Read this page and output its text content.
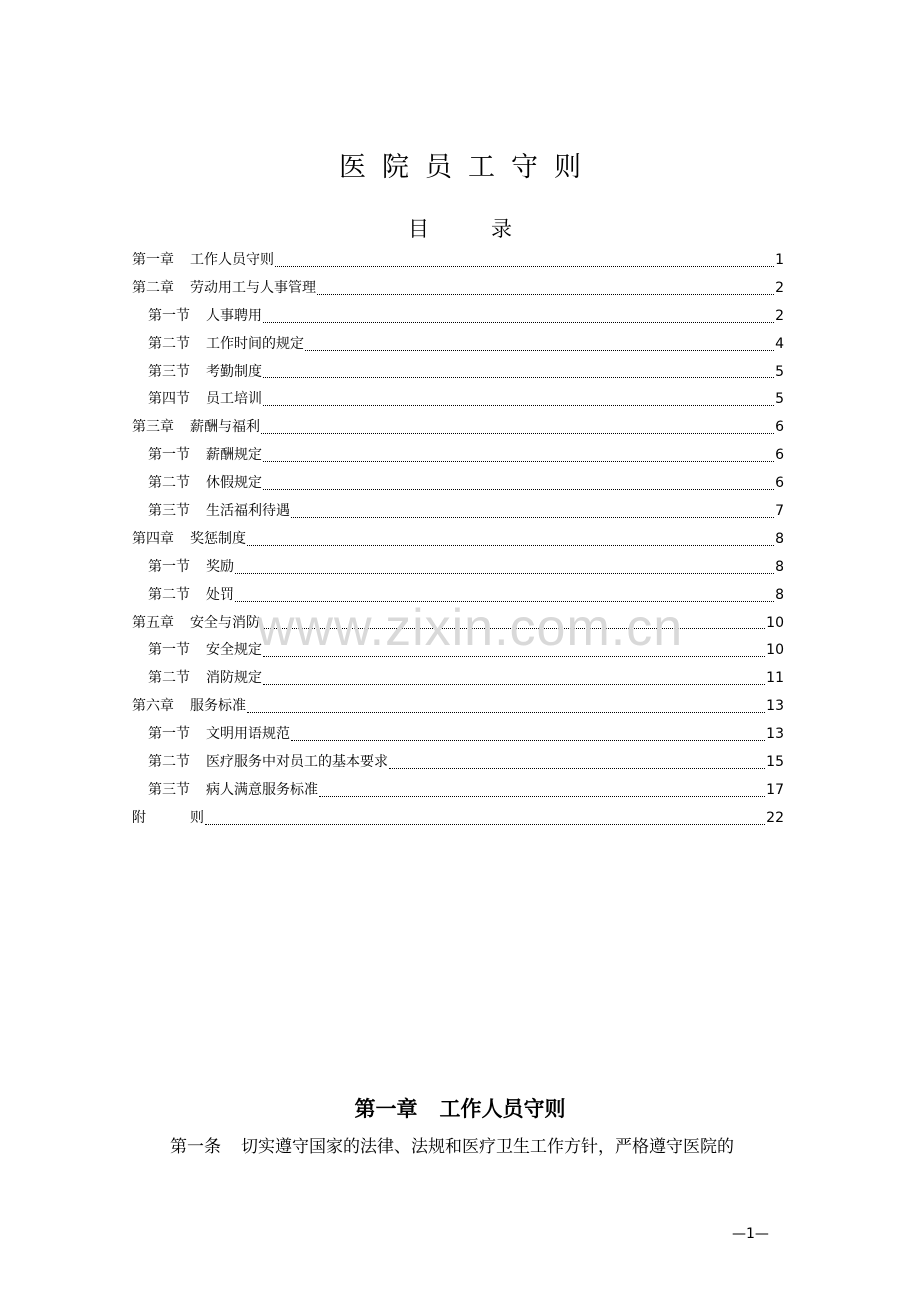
医院员工守则
目录
第一章 工作人员守则	1
第二章 劳动用工与人事管理	2
第一节 人事聘用	2
第二节 工作时间的规定	4
第三节 考勤制度	5
第四节 员工培训	5
第三章 薪酬与福利	6
第一节 薪酬规定	6
第二节 休假规定	6
第三节 生活福利待遇	7
第四章 奖惩制度	8
第一节 奖励	8
第二节 处罚	8
第五章 安全与消防	10
第一节 安全规定	10
第二节 消防规定	11
第六章 服务标准	13
第一节 文明用语规范	13
第二节 医疗服务中对员工的基本要求	15
第三节 病人满意服务标准	17
附　　 则	22
www.zixin.com.cn
第一章 工作人员守则
第一条 切实遵守国家的法律、法规和医疗卫生工作方针，严格遵守医院的
—1—
